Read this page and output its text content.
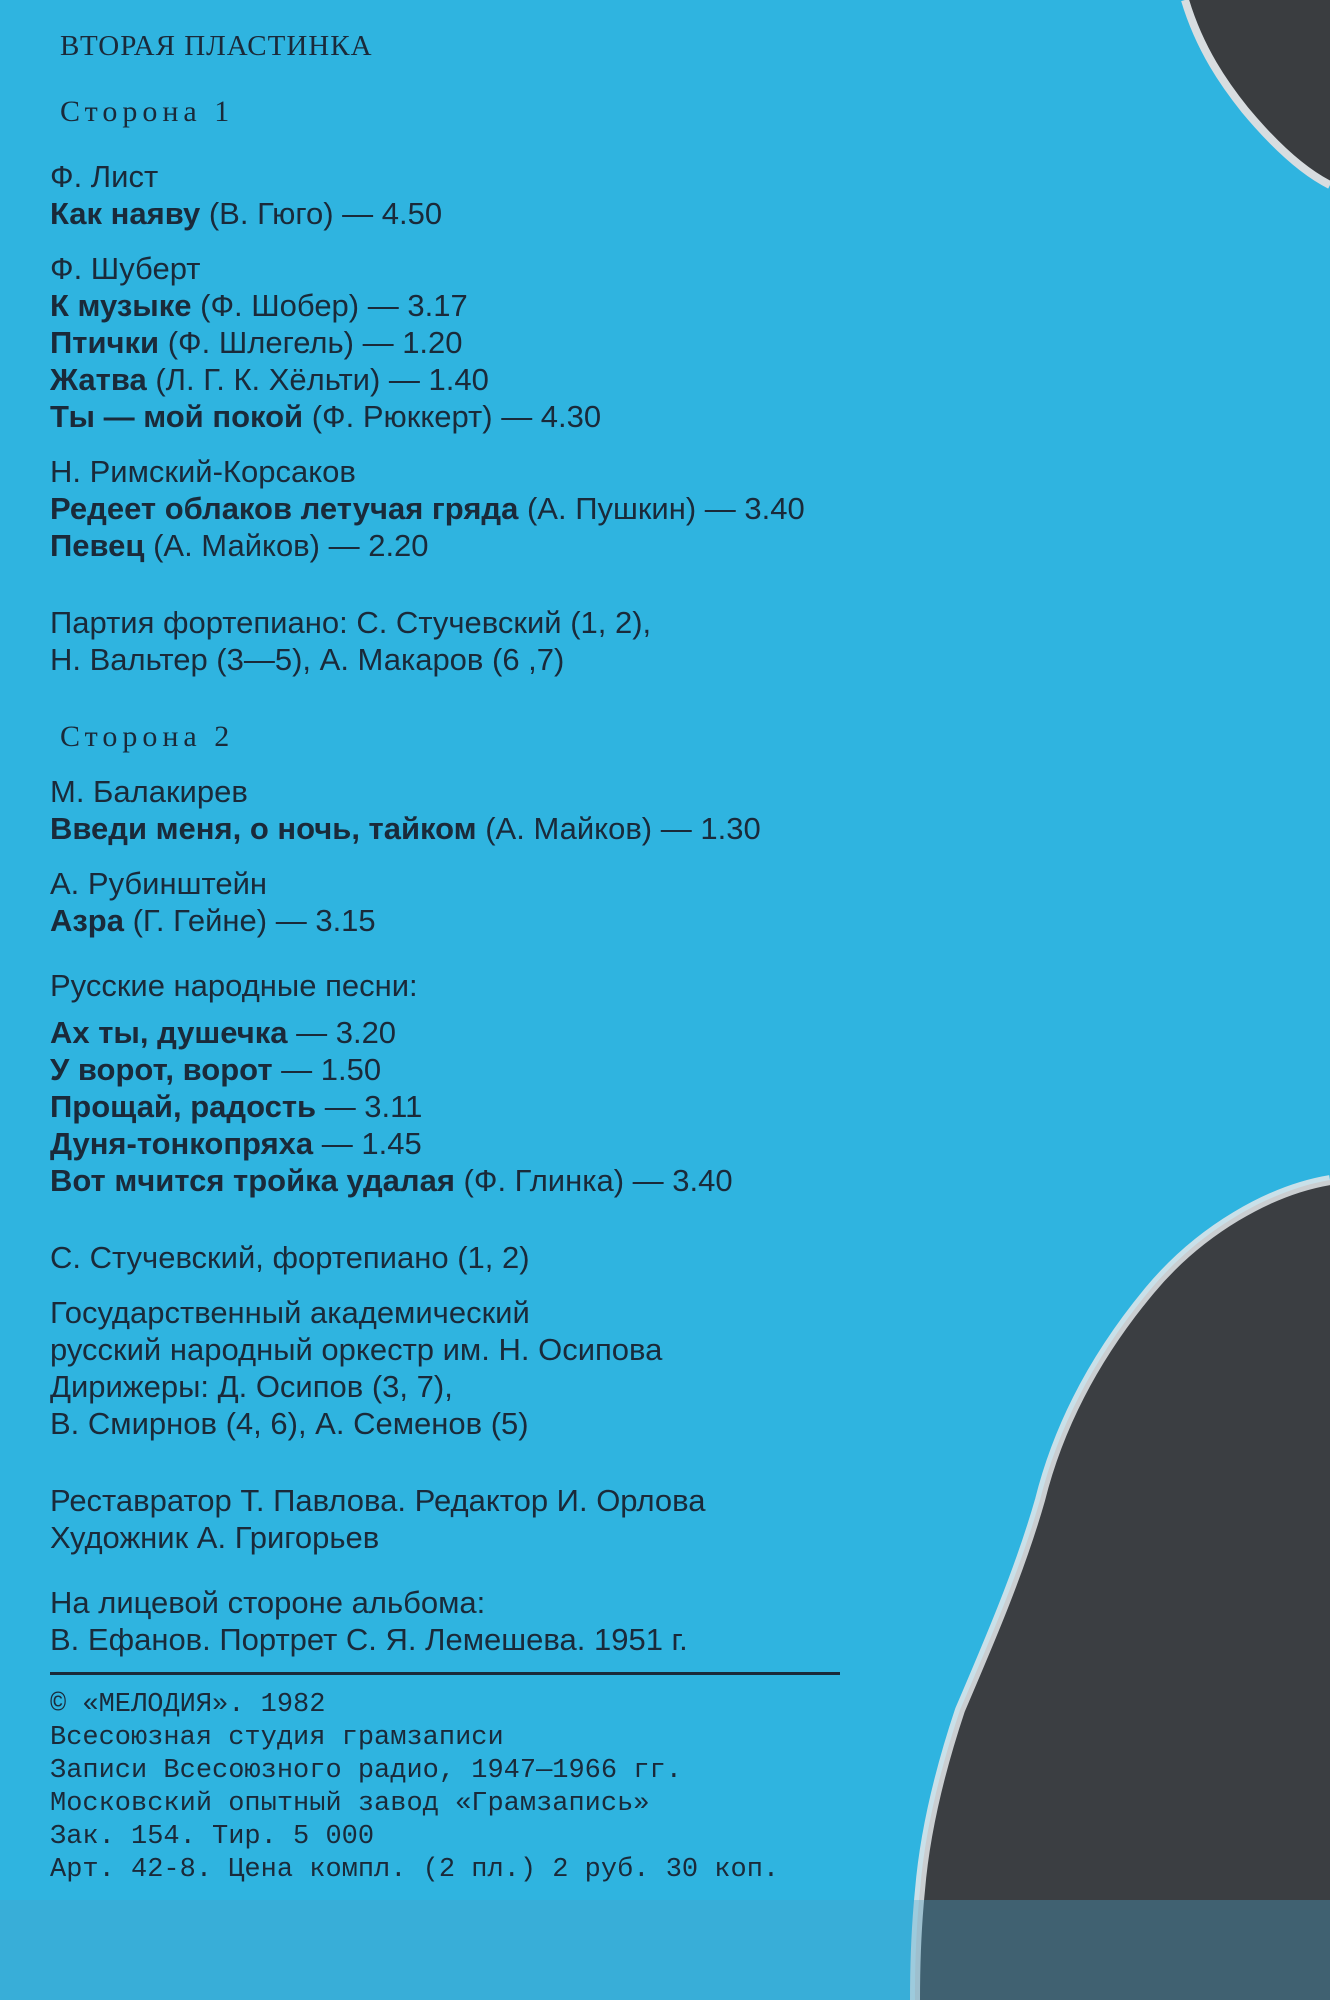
ВТОРАЯ ПЛАСТИНКА
Сторона 1
Ф. Лист
Как наяву (В. Гюго) — 4.50
Ф. Шуберт
К музыке (Ф. Шобер) — 3.17
Птички (Ф. Шлегель) — 1.20
Жатва (Л. Г. К. Хёльти) — 1.40
Ты — мой покой (Ф. Рюккерт) — 4.30
Н. Римский-Корсаков
Редеет облаков летучая гряда (А. Пушкин) — 3.40
Певец (А. Майков) — 2.20
Партия фортепиано: С. Стучевский (1, 2),
Н. Вальтер (3—5), А. Макаров (6 ,7)
Сторона 2
М. Балакирев
Введи меня, о ночь, тайком (А. Майков) — 1.30
А. Рубинштейн
Азра (Г. Гейне) — 3.15
Русские народные песни:
Ах ты, душечка — 3.20
У ворот, ворот — 1.50
Прощай, радость — 3.11
Дуня-тонкопряха — 1.45
Вот мчится тройка удалая (Ф. Глинка) — 3.40
С. Стучевский, фортепиано (1, 2)
Государственный академический
русский народный оркестр им. Н. Осипова
Дирижеры: Д. Осипов (3, 7),
В. Смирнов (4, 6), А. Семенов (5)
Реставратор Т. Павлова. Редактор И. Орлова
Художник А. Григорьев
На лицевой стороне альбома:
В. Ефанов. Портрет С. Я. Лемешева. 1951 г.
© «МЕЛОДИЯ». 1982
Всесоюзная студия грамзаписи
Записи Всесоюзного радио, 1947—1966 гг.
Московский опытный завод «Грамзапись»
Зак. 154. Тир. 5 000
Арт. 42-8. Цена компл. (2 пл.) 2 руб. 30 коп.
